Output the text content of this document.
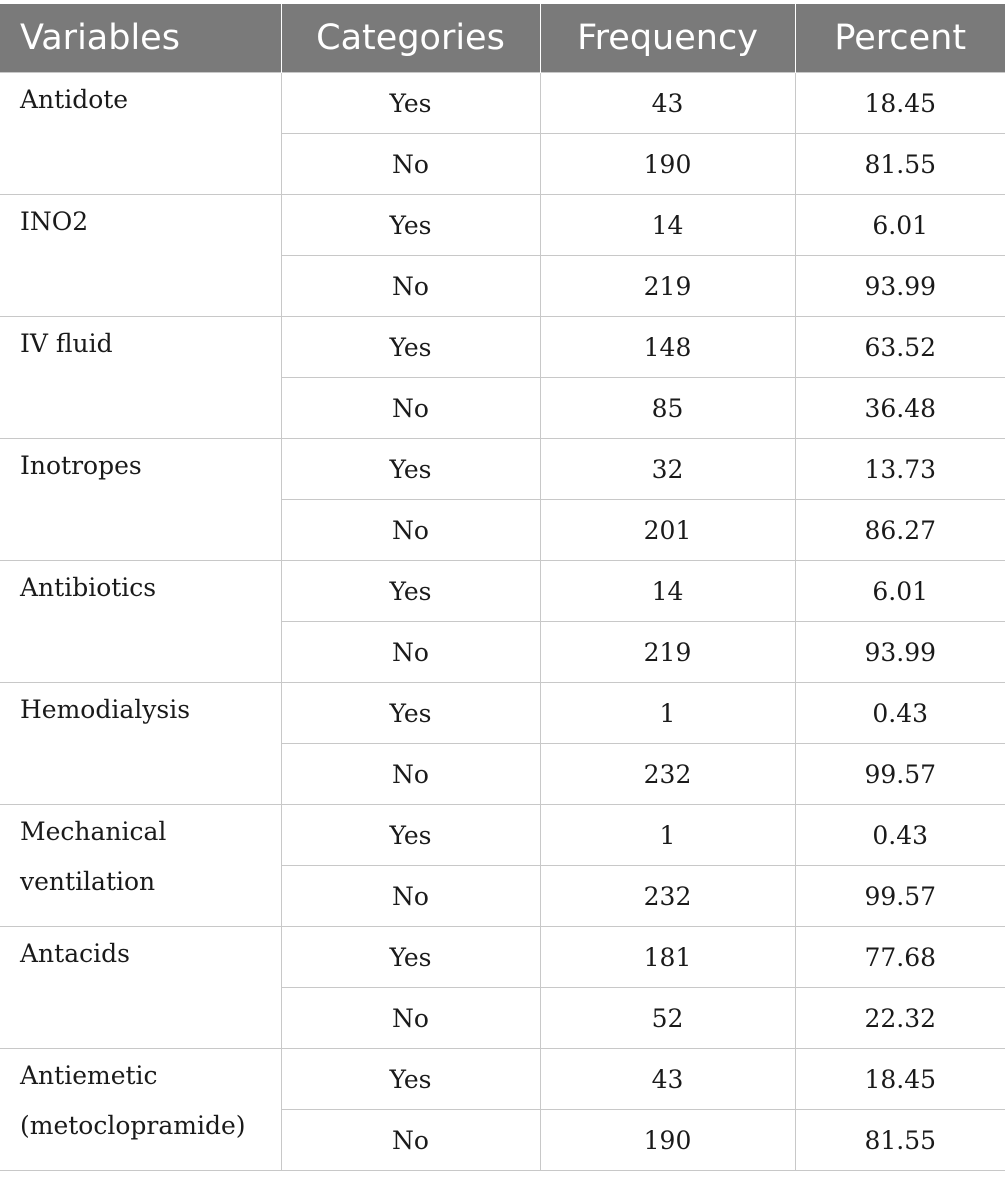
Variables	Categories	Frequency	Percent

Antidote	Yes	43	18.45
	No	190	81.55

INO2	Yes	14	6.01
	No	219	93.99

IV fluid	Yes	148	63.52
	No	85	36.48

Inotropes	Yes	32	13.73
	No	201	86.27

Antibiotics	Yes	14	6.01
	No	219	93.99

Hemodialysis	Yes	1	0.43
	No	232	99.57

Mechanical
ventilation	Yes	1	0.43
	No	232	99.57

Antacids	Yes	181	77.68
	No	52	22.32

Antiemetic
(metoclopramide)	Yes	43	18.45
	No	190	81.55
